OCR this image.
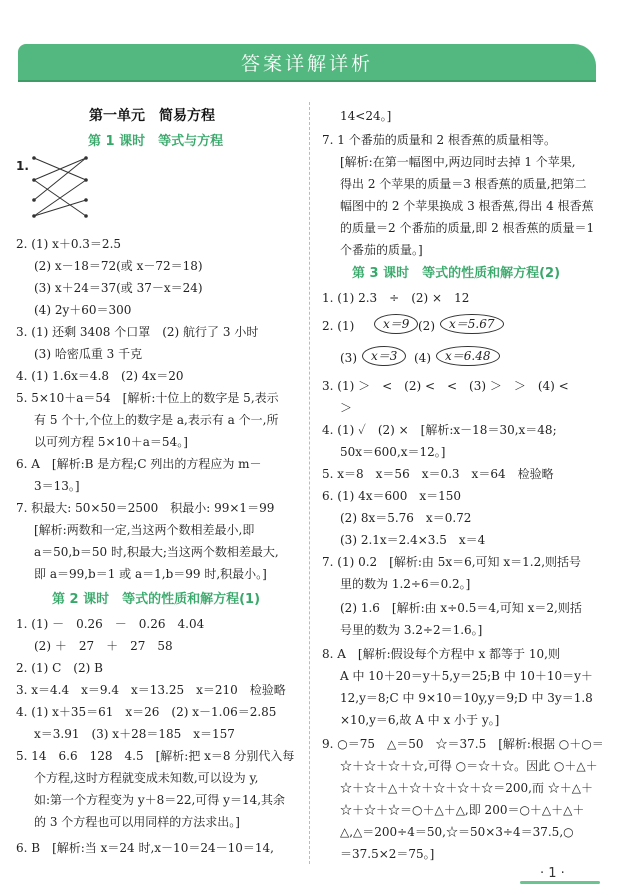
答案详解详析
第一单元　简易方程
第 1 课时　等式与方程
1.
2. (1) x＋0.3＝2.5
(2) x－18＝72(或 x－72＝18)
(3) x＋24＝37(或 37－x＝24)
(4) 2y＋60＝300
3. (1) 还剩 3408 个口罩　(2) 航行了 3 小时
(3) 哈密瓜重 3 千克
4. (1) 1.6x＝4.8　(2) 4x＝20
5. 5×10＋a＝54　[解析:十位上的数字是 5,表示
有 5 个十,个位上的数字是 a,表示有 a 个一,所
以可列方程 5×10＋a＝54。]
6. A　[解析:B 是方程;C 列出的方程应为 m－
3＝13。]
7. 积最大: 50×50＝2500　积最小: 99×1＝99
[解析:两数和一定,当这两个数相差最小,即
a＝50,b＝50 时,积最大;当这两个数相差最大,
即 a＝99,b＝1 或 a＝1,b＝99 时,积最小。]
第 2 课时　等式的性质和解方程(1)
1. (1) －　0.26　－　0.26　4.04
(2) ＋　27　＋　27　58
2. (1) C　(2) B
3. x＝4.4　x＝9.4　x＝13.25　x＝210　检验略
4. (1) x＋35＝61　x＝26　(2) x－1.06＝2.85
x＝3.91　(3) x＋28＝185　x＝157
5. 14　6.6　128　4.5　[解析:把 x＝8 分别代入每
个方程,这时方程就变成未知数,可以设为 y,
如:第一个方程变为 y＋8＝22,可得 y＝14,其余
的 3 个方程也可以用同样的方法求出。]
6. B　[解析:当 x＝24 时,x－10＝24－10＝14,
14<24。]
7. 1 个番茄的质量和 2 根香蕉的质量相等。
[解析:在第一幅图中,两边同时去掉 1 个苹果,
得出 2 个苹果的质量＝3 根香蕉的质量,把第二
幅图中的 2 个苹果换成 3 根香蕉,得出 4 根香蕉
的质量＝2 个番茄的质量,即 2 根香蕉的质量＝1
个番茄的质量。]
第 3 课时　等式的性质和解方程(2)
1. (1) 2.3　÷　(2) ×　12
2. (1)	x＝9 (2)	x＝5.67
(3)	x＝3	(4)	x＝6.48
3. (1) ＞　<　(2) <　<　(3) ＞　＞　(4) <
＞
4. (1) ✓　(2) ×　[解析:x－18＝30,x＝48;
50x＝600,x＝12。]
5. x＝8　x＝56　x＝0.3　x＝64　检验略
6. (1) 4x＝600　x＝150
(2) 8x＝5.76　x＝0.72
(3) 2.1x＝2.4×3.5　x＝4
7. (1) 0.2　[解析:由 5x＝6,可知 x＝1.2,则括号
里的数为 1.2÷6＝0.2。]
(2) 1.6　[解析:由 x÷0.5＝4,可知 x＝2,则括
号里的数为 3.2÷2＝1.6。]
8. A　[解析:假设每个方程中 x 都等于 10,则
A 中 10＋20＝y＋5,y＝25;B 中 10＋10＝y＋
12,y＝8;C 中 9×10＝10y,y＝9;D 中 3y＝1.8
×10,y＝6,故 A 中 x 小于 y。]
9. ○＝75　△＝50　☆＝37.5　[解析:根据 ○＋○＝
☆＋☆＋☆＋☆,可得 ○＝☆＋☆。因此 ○＋△＋
☆＋☆＋△＋☆＋☆＋☆＋☆＝200,而 ☆＋△＋
☆＋☆＋☆＝○＋△＋△,即 200＝○＋△＋△＋
△,△＝200÷4＝50,☆＝50×3÷4＝37.5,○
＝37.5×2＝75。]
· 1 ·
